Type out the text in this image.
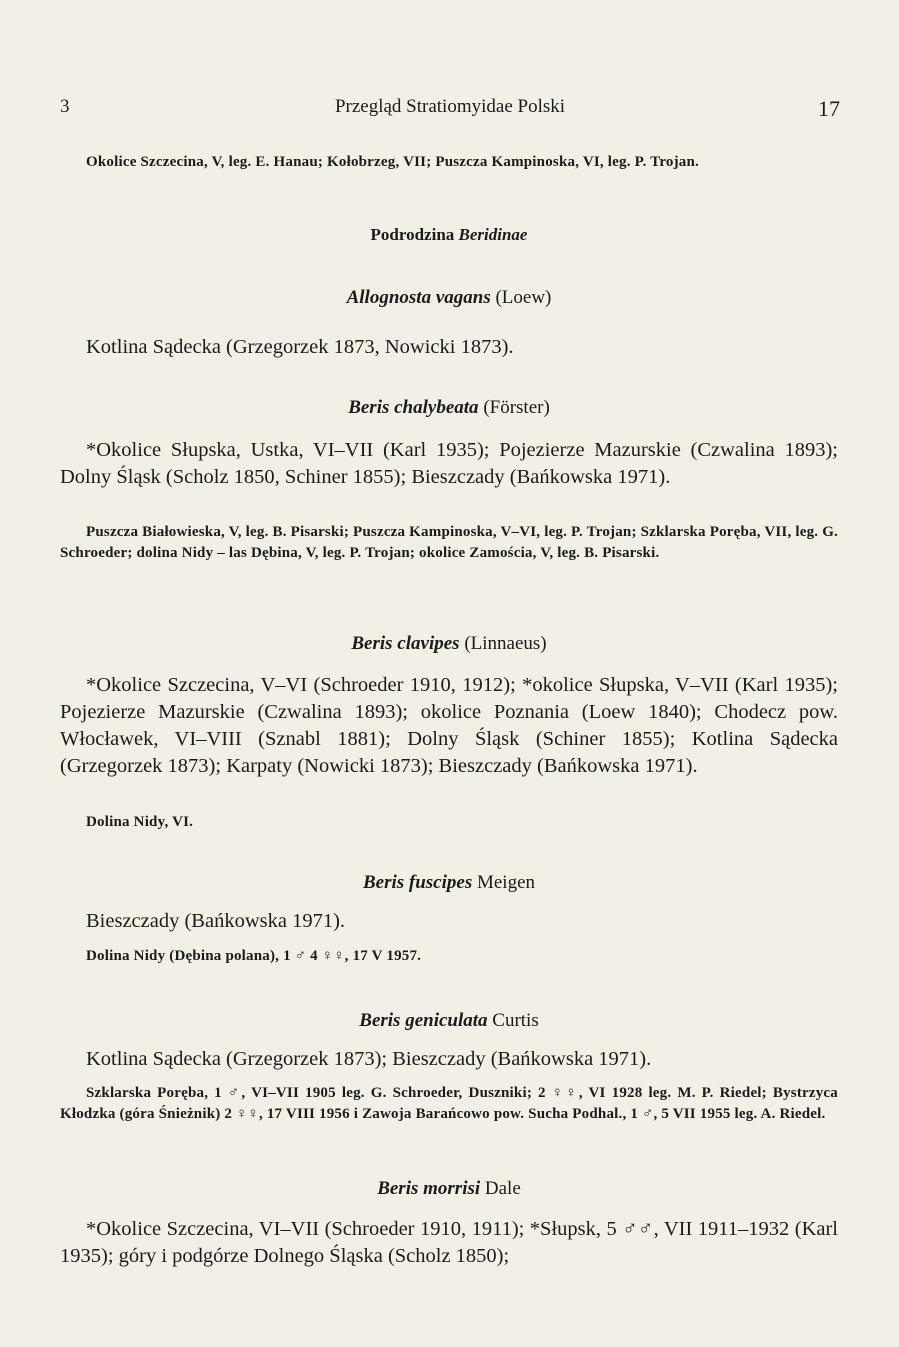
3	Przegląd Stratiomyidae Polski	17
Okolice Szczecina, V, leg. E. Hanau; Kołobrzeg, VII; Puszcza Kampinoska, VI, leg. P. Trojan.
Podrodzina Beridinae
Allognosta vagans (Loew)
Kotlina Sądecka (Grzegorzek 1873, Nowicki 1873).
Beris chalybeata (Förster)
*Okolice Słupska, Ustka, VI–VII (Karl 1935); Pojezierze Mazurskie (Czwalina 1893); Dolny Śląsk (Scholz 1850, Schiner 1855); Bieszczady (Bańkowska 1971).
Puszcza Białowieska, V, leg. B. Pisarski; Puszcza Kampinoska, V–VI, leg. P. Trojan; Szklarska Poręba, VII, leg. G. Schroeder; dolina Nidy – las Dębina, V, leg. P. Trojan; okolice Zamościa, V, leg. B. Pisarski.
Beris clavipes (Linnaeus)
*Okolice Szczecina, V–VI (Schroeder 1910, 1912); *okolice Słupska, V–VII (Karl 1935); Pojezierze Mazurskie (Czwalina 1893); okolice Poznania (Loew 1840); Chodecz pow. Włocławek, VI–VIII (Sznabl 1881); Dolny Śląsk (Schiner 1855); Kotlina Sądecka (Grzegorzek 1873); Karpaty (Nowicki 1873); Bieszczady (Bańkowska 1971).
Dolina Nidy, VI.
Beris fuscipes Meigen
Bieszczady (Bańkowska 1971).
Dolina Nidy (Dębina polana), 1 ♂ 4 ♀♀, 17 V 1957.
Beris geniculata Curtis
Kotlina Sądecka (Grzegorzek 1873); Bieszczady (Bańkowska 1971).
Szklarska Poręba, 1 ♂, VI–VII 1905 leg. G. Schroeder, Duszniki; 2 ♀♀, VI 1928 leg. M. P. Riedel; Bystrzyca Kłodzka (góra Śnieżnik) 2 ♀♀, 17 VIII 1956 i Zawoja Barańcowo pow. Sucha Podhal., 1 ♂, 5 VII 1955 leg. A. Riedel.
Beris morrisi Dale
*Okolice Szczecina, VI–VII (Schroeder 1910, 1911); *Słupsk, 5 ♂♂, VII 1911–1932 (Karl 1935); góry i podgórze Dolnego Śląska (Scholz 1850);
